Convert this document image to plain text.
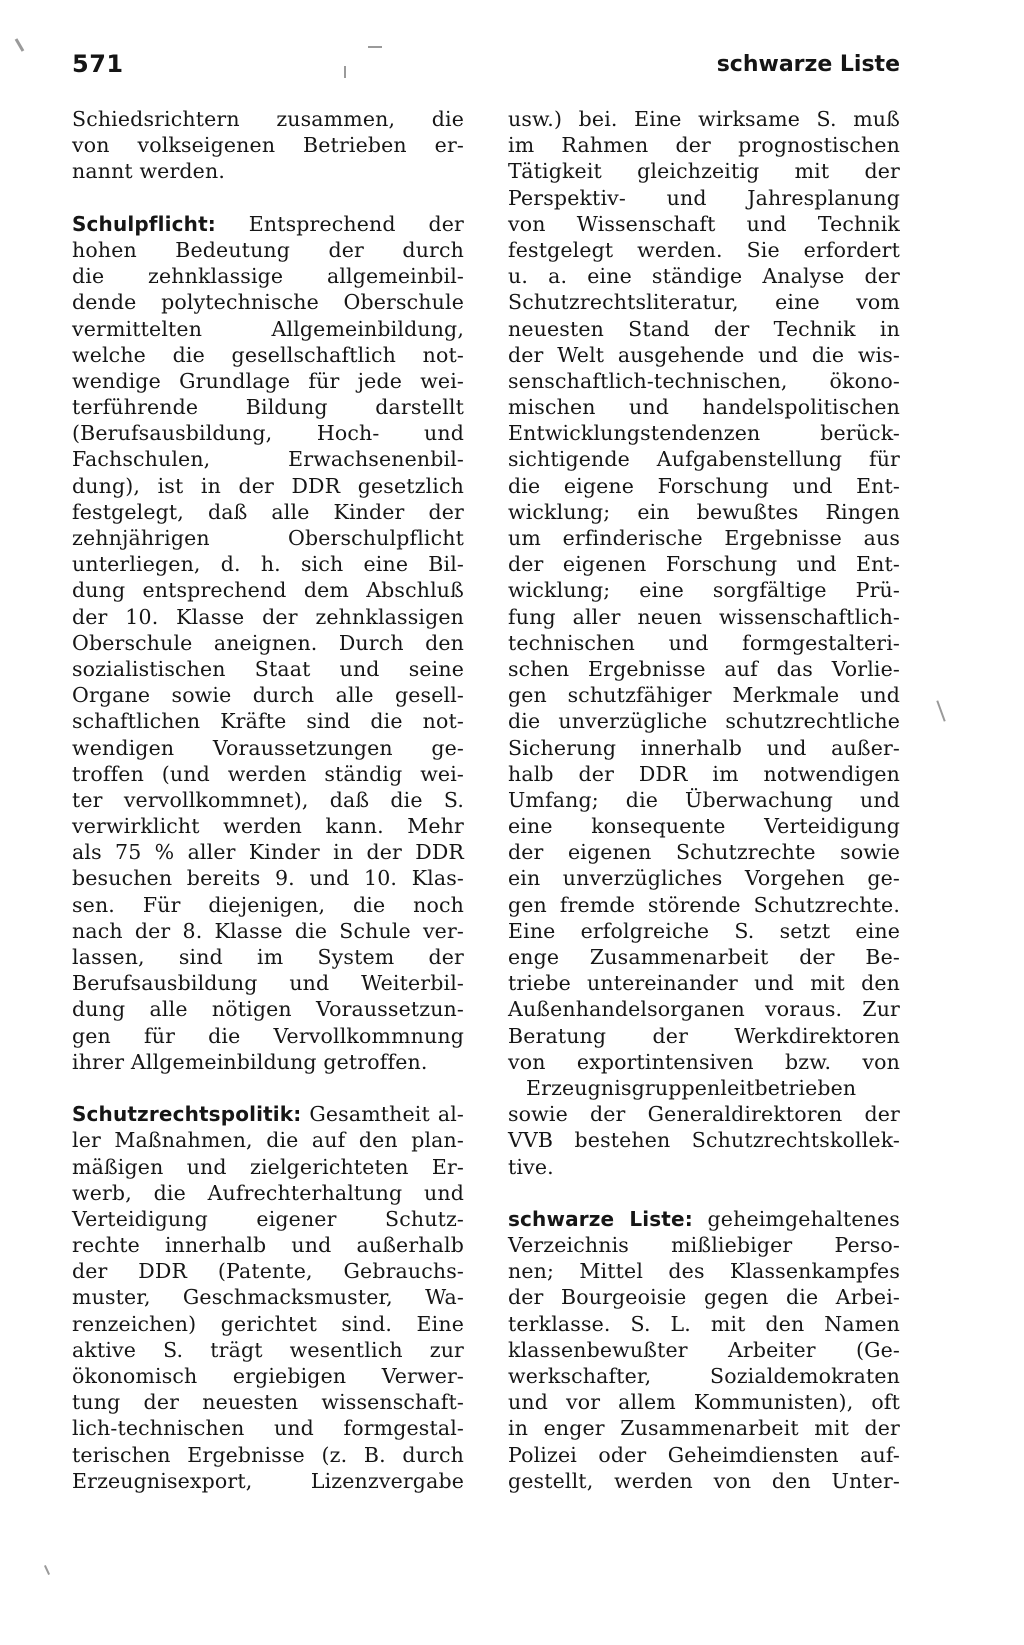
571	schwarze Liste
Schiedsrichtern zusammen, die
von volkseigenen Betrieben er-
nannt werden.
Schulpflicht: Entsprechend der
hohen Bedeutung der durch
die zehnklassige allgemeinbil-
dende polytechnische Oberschule
vermittelten Allgemeinbildung,
welche die gesellschaftlich not-
wendige Grundlage für jede wei-
terführende Bildung darstellt
(Berufsausbildung, Hoch- und
Fachschulen, Erwachsenenbil-
dung), ist in der DDR gesetzlich
festgelegt, daß alle Kinder der
zehnjährigen Oberschulpflicht
unterliegen, d. h. sich eine Bil-
dung entsprechend dem Abschluß
der 10. Klasse der zehnklassigen
Oberschule aneignen. Durch den
sozialistischen Staat und seine
Organe sowie durch alle gesell-
schaftlichen Kräfte sind die not-
wendigen Voraussetzungen ge-
troffen (und werden ständig wei-
ter vervollkommnet), daß die S.
verwirklicht werden kann. Mehr
als 75 % aller Kinder in der DDR
besuchen bereits 9. und 10. Klas-
sen. Für diejenigen, die noch
nach der 8. Klasse die Schule ver-
lassen, sind im System der
Berufsausbildung und Weiterbil-
dung alle nötigen Voraussetzun-
gen für die Vervollkommnung
ihrer Allgemeinbildung getroffen.
Schutzrechtspolitik: Gesamtheit al-
ler Maßnahmen, die auf den plan-
mäßigen und zielgerichteten Er-
werb, die Aufrechterhaltung und
Verteidigung eigener Schutz-
rechte innerhalb und außerhalb
der DDR (Patente, Gebrauchs-
muster, Geschmacksmuster, Wa-
renzeichen) gerichtet sind. Eine
aktive S. trägt wesentlich zur
ökonomisch ergiebigen Verwer-
tung der neuesten wissenschaft-
lich-technischen und formgestal-
terischen Ergebnisse (z. B. durch
Erzeugnisexport, Lizenzvergabe
usw.) bei. Eine wirksame S. muß
im Rahmen der prognostischen
Tätigkeit gleichzeitig mit der
Perspektiv- und Jahresplanung
von Wissenschaft und Technik
festgelegt werden. Sie erfordert
u. a. eine ständige Analyse der
Schutzrechtsliteratur, eine vom
neuesten Stand der Technik in
der Welt ausgehende und die wis-
senschaftlich-technischen, ökono-
mischen und handelspolitischen
Entwicklungstendenzen berück-
sichtigende Aufgabenstellung für
die eigene Forschung und Ent-
wicklung; ein bewußtes Ringen
um erfinderische Ergebnisse aus
der eigenen Forschung und Ent-
wicklung; eine sorgfältige Prü-
fung aller neuen wissenschaftlich-
technischen und formgestalteri-
schen Ergebnisse auf das Vorlie-
gen schutzfähiger Merkmale und
die unverzügliche schutzrechtliche
Sicherung innerhalb und außer-
halb der DDR im notwendigen
Umfang; die Überwachung und
eine konsequente Verteidigung
der eigenen Schutzrechte sowie
ein unverzügliches Vorgehen ge-
gen fremde störende Schutzrechte.
Eine erfolgreiche S. setzt eine
enge Zusammenarbeit der Be-
triebe untereinander und mit den
Außenhandelsorganen voraus. Zur
Beratung der Werkdirektoren
von exportintensiven bzw. von
Erzeugnisgruppenleitbetrieben
sowie der Generaldirektoren der
VVB bestehen Schutzrechtskollek-
tive.
schwarze Liste: geheimgehaltenes
Verzeichnis mißliebiger Perso-
nen; Mittel des Klassenkampfes
der Bourgeoisie gegen die Arbei-
terklasse. S. L. mit den Namen
klassenbewußter Arbeiter (Ge-
werkschafter, Sozialdemokraten
und vor allem Kommunisten), oft
in enger Zusammenarbeit mit der
Polizei oder Geheimdiensten auf-
gestellt, werden von den Unter-
